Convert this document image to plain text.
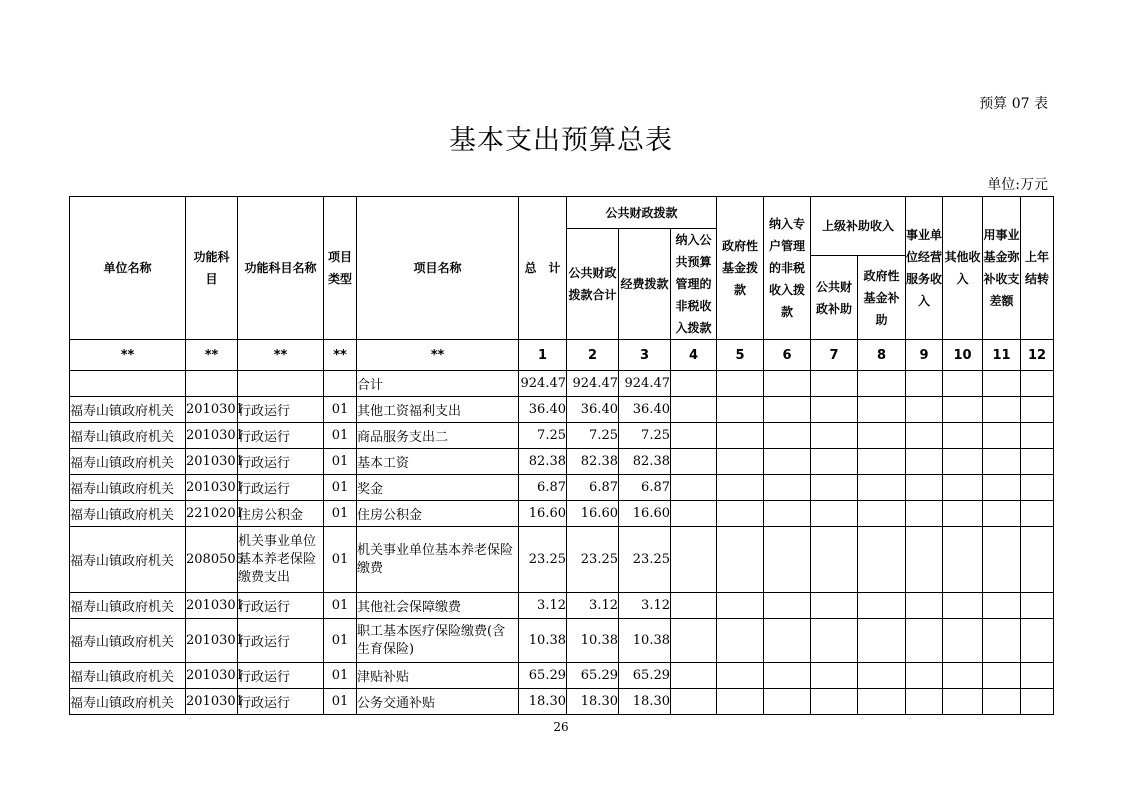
预算 07 表
基本支出预算总表
单位:万元
单位名称	功能科目	功能科目名称	项目类型	项目名称	总　计	公共财政拨款			政府性基金拨款	纳入专户管理的非税收入拨款	上级补助收入		事业单位经营服务收入	其他收入	用事业基金弥补收支差额	上年结转

						公共财政拨款合计	经费拨款	纳入公共预算管理的非税收入拨款								

											公共财政补助	政府性基金补助				

**	**	**	**	**	1	2	3	4	5	6	7	8	9	10	11	12
				合计	924.47	924.47	924.47									
福寿山镇政府机关	2010301	行政运行	01	其他工资福利支出	36.40	36.40	36.40									
福寿山镇政府机关	2010301	行政运行	01	商品服务支出二	7.25	7.25	7.25									
福寿山镇政府机关	2010301	行政运行	01	基本工资	82.38	82.38	82.38									
福寿山镇政府机关	2010301	行政运行	01	奖金	6.87	6.87	6.87									
福寿山镇政府机关	2210201	住房公积金	01	住房公积金	16.60	16.60	16.60									
福寿山镇政府机关	2080505	机关事业单位基本养老保险缴费支出	01	机关事业单位基本养老保险缴费	23.25	23.25	23.25									
福寿山镇政府机关	2010301	行政运行	01	其他社会保障缴费	3.12	3.12	3.12									
福寿山镇政府机关	2010301	行政运行	01	职工基本医疗保险缴费(含生育保险)	10.38	10.38	10.38									
福寿山镇政府机关	2010301	行政运行	01	津贴补贴	65.29	65.29	65.29									
福寿山镇政府机关	2010301	行政运行	01	公务交通补贴	18.30	18.30	18.30									
26
